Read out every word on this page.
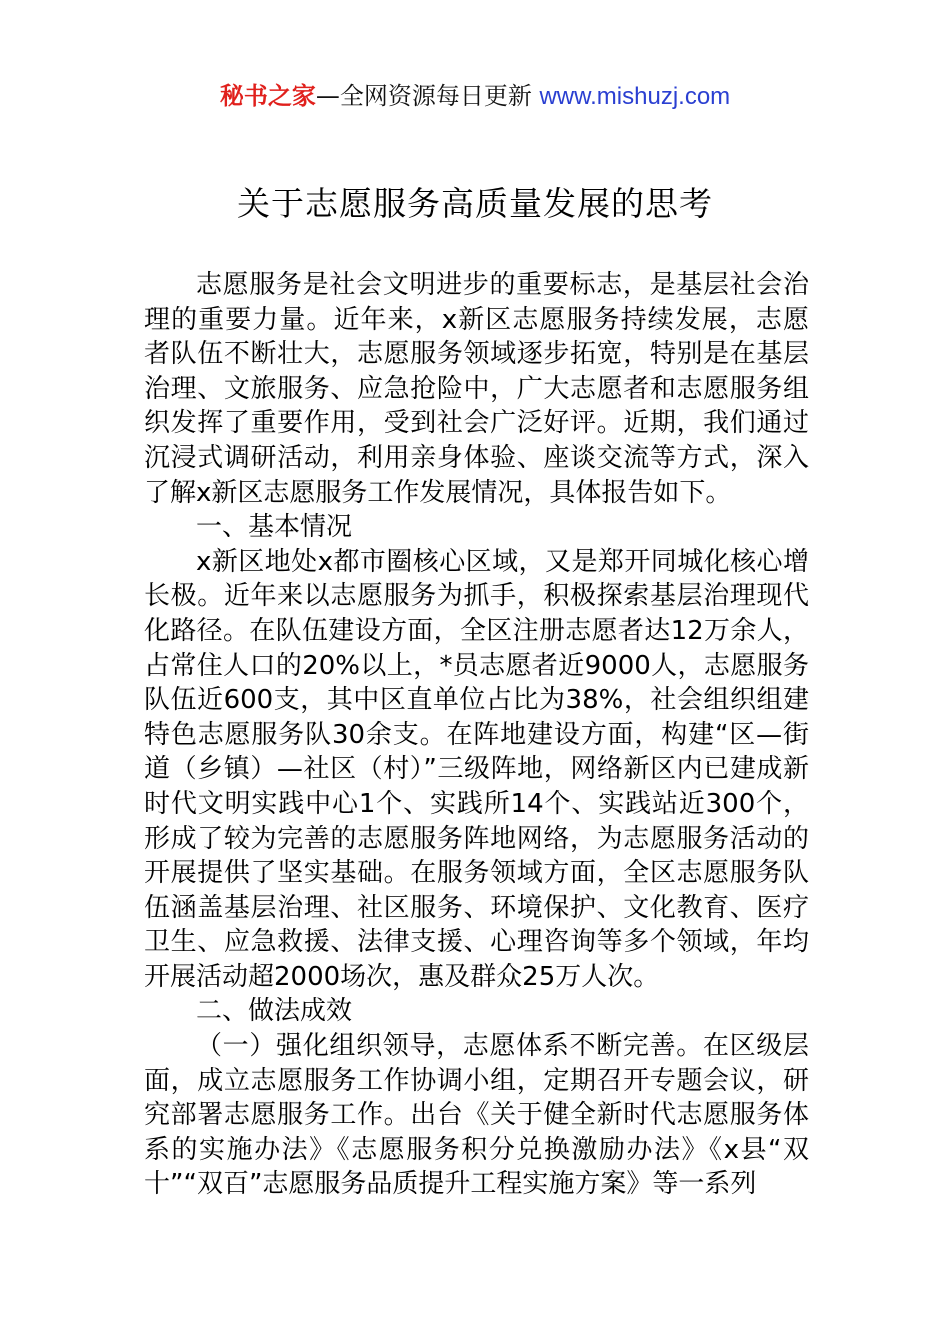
秘书之家—全网资源每日更新 www.mishuzj.com
关于志愿服务高质量发展的思考

志愿服务是社会文明进步的重要标志，是基层社会治理的重要力量。近年来，x新区志愿服务持续发展，志愿者队伍不断壮大，志愿服务领域逐步拓宽，特别是在基层治理、文旅服务、应急抢险中，广大志愿者和志愿服务组织发挥了重要作用，受到社会广泛好评。近期，我们通过沉浸式调研活动，利用亲身体验、座谈交流等方式，深入了解x新区志愿服务工作发展情况，具体报告如下。

一、基本情况

x新区地处x都市圈核心区域，又是郑开同城化核心增长极。近年来以志愿服务为抓手，积极探索基层治理现代化路径。在队伍建设方面，全区注册志愿者达12万余人，占常住人口的20%以上，*员志愿者近9000人，志愿服务队伍近600支，其中区直单位占比为38%，社会组织组建特色志愿服务队30余支。在阵地建设方面，构建“区—街道（乡镇）—社区（村）”三级阵地，网络新区内已建成新时代文明实践中心1个、实践所14个、实践站近300个，形成了较为完善的志愿服务阵地网络，为志愿服务活动的开展提供了坚实基础。在服务领域方面，全区志愿服务队伍涵盖基层治理、社区服务、环境保护、文化教育、医疗卫生、应急救援、法律支援、心理咨询等多个领域，年均开展活动超2000场次，惠及群众25万人次。

二、做法成效

（一）强化组织领导，志愿体系不断完善。在区级层面，成立志愿服务工作协调小组，定期召开专题会议，研究部署志愿服务工作。出台《关于健全新时代志愿服务体系的实施办法》《志愿服务积分兑换激励办法》《x县“双十”“双百”志愿服务品质提升工程实施方案》等一系列
